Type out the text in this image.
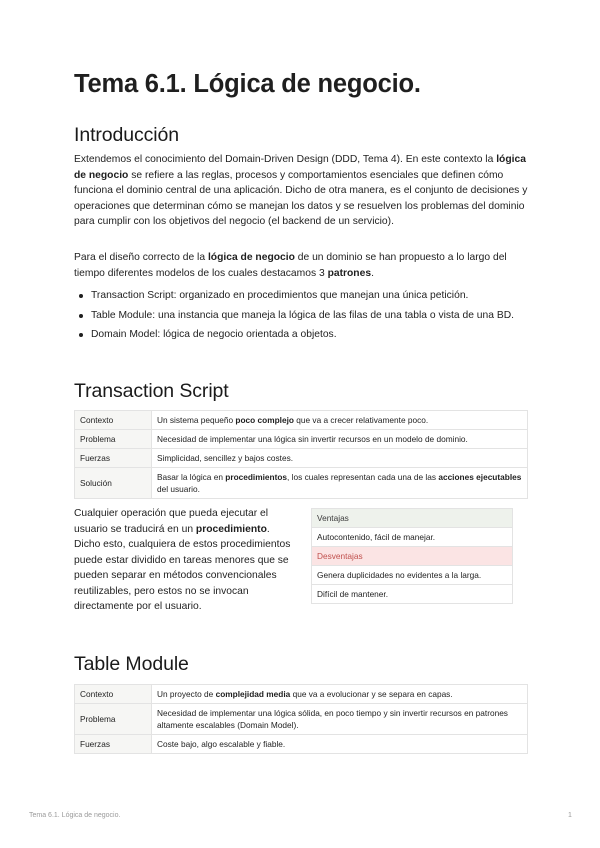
Tema 6.1. Lógica de negocio.
Introducción

Extendemos el conocimiento del Domain-Driven Design (DDD, Tema 4). En este contexto la lógica de negocio se refiere a las reglas, procesos y comportamientos esenciales que definen cómo funciona el dominio central de una aplicación. Dicho de otra manera, es el conjunto de decisiones y operaciones que determinan cómo se manejan los datos y se resuelven los problemas del dominio para cumplir con los objetivos del negocio (el backend de un servicio).

Para el diseño correcto de la lógica de negocio de un dominio se han propuesto a lo largo del tiempo diferentes modelos de los cuales destacamos 3 patrones.

Transaction Script: organizado en procedimientos que manejan una única petición.
Table Module: una instancia que maneja la lógica de las filas de una tabla o vista de una BD.
Domain Model: lógica de negocio orientada a objetos.
Transaction Script
Contexto	Un sistema pequeño poco complejo que va a crecer relativamente poco.
Problema	Necesidad de implementar una lógica sin invertir recursos en un modelo de dominio.
Fuerzas	Simplicidad, sencillez y bajos costes.
Solución	Basar la lógica en procedimientos, los cuales representan cada una de las acciones ejecutables del usuario.

Cualquier operación que pueda ejecutar el usuario se traducirá en un procedimiento. Dicho esto, cualquiera de estos procedimientos puede estar dividido en tareas menores que se pueden separar en métodos convencionales reutilizables, pero estos no se invocan directamente por el usuario.

Ventajas
Autocontenido, fácil de manejar.
Desventajas
Genera duplicidades no evidentes a la larga.
Difícil de mantener.
Table Module
Contexto	Un proyecto de complejidad media que va a evolucionar y se separa en capas.
Problema	Necesidad de implementar una lógica sólida, en poco tiempo y sin invertir recursos en patrones altamente escalables (Domain Model).
Fuerzas	Coste bajo, algo escalable y fiable.
Tema 6.1. Lógica de negocio.	1
